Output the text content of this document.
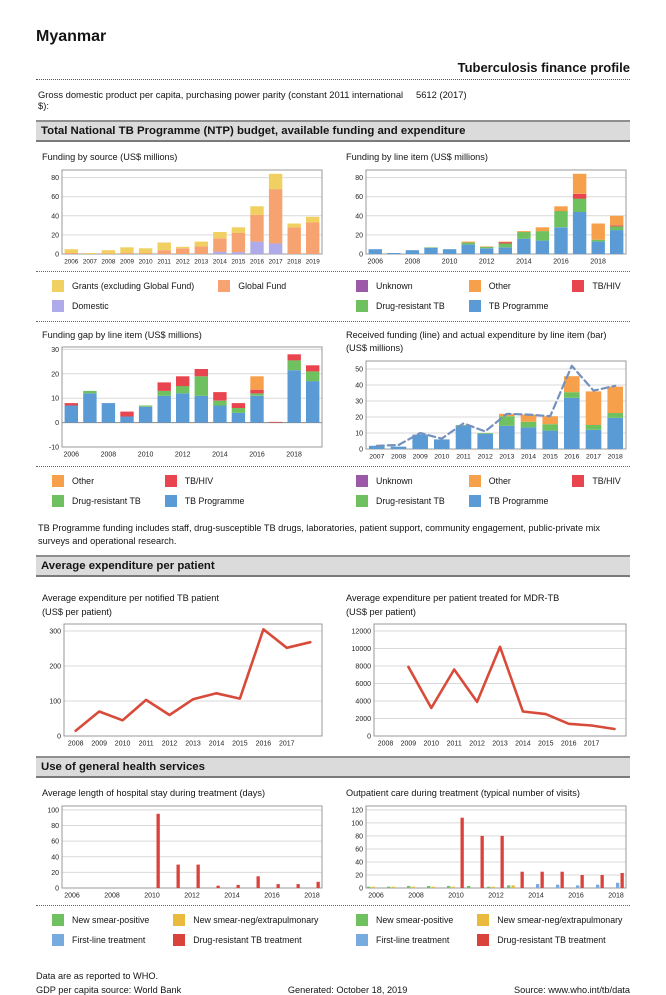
Myanmar
Tuberculosis finance profile
Gross domestic product per capita, purchasing power parity (constant 2011 international $):
5612 (2017)
Total National TB Programme (NTP) budget, available funding and expenditure
Funding by source (US$ millions)
0
20
40
60
80
2006 2007 2008 2009 2010 2011 2012 2013 2014 2015 2016 2017 2018 2019
Funding by line item (US$ millions)
0
20
40
60
80
2006	2008	2010	2012	2014	2016	2018
Grants (excluding Global Fund)	Global Fund
Domestic
Unknown	Other	TB/HIV
Drug-resistant TB	TB Programme
Funding gap by line item (US$ millions)
-10
0
10
20
30
2006	2008	2010	2012	2014	2016	2018
Received funding (line) and actual expenditure by line item (bar)
(US$ millions)
0
10
20
30
40
50
2007 2008 2009 2010 2011 2012 2013 2014 2015 2016 2017 2018
Other	TB/HIV
Drug-resistant TB	TB Programme
Unknown	Other	TB/HIV
Drug-resistant TB	TB Programme
TB Programme funding includes staff, drug-susceptible TB drugs, laboratories, patient support, community engagement, public-private mix surveys and operational research.
Average expenditure per patient
Average expenditure per notified TB patient
(US$ per patient)
0
100
200
300
2008 2009 2010 2011 2012 2013 2014 2015 2016 2017
Average expenditure per patient treated for MDR-TB
(US$ per patient)
0
2000
4000
6000
8000
10000
12000
2008 2009 2010 2011 2012 2013 2014 2015 2016 2017
Use of general health services
Average length of hospital stay during treatment (days)
0
20
40
60
80
100
2006	2008	2010	2012	2014	2016	2018
Outpatient care during treatment (typical number of visits)
0
20
40
60
80
100
120
2006	2008	2010	2012	2014	2016	2018
New smear-positive	New smear-neg/extrapulmonary
First-line treatment	Drug-resistant TB treatment
New smear-positive	New smear-neg/extrapulmonary
First-line treatment	Drug-resistant TB treatment
Data are as reported to WHO.
GDP per capita source: World Bank	Generated: October 18, 2019	Source: www.who.int/tb/data
